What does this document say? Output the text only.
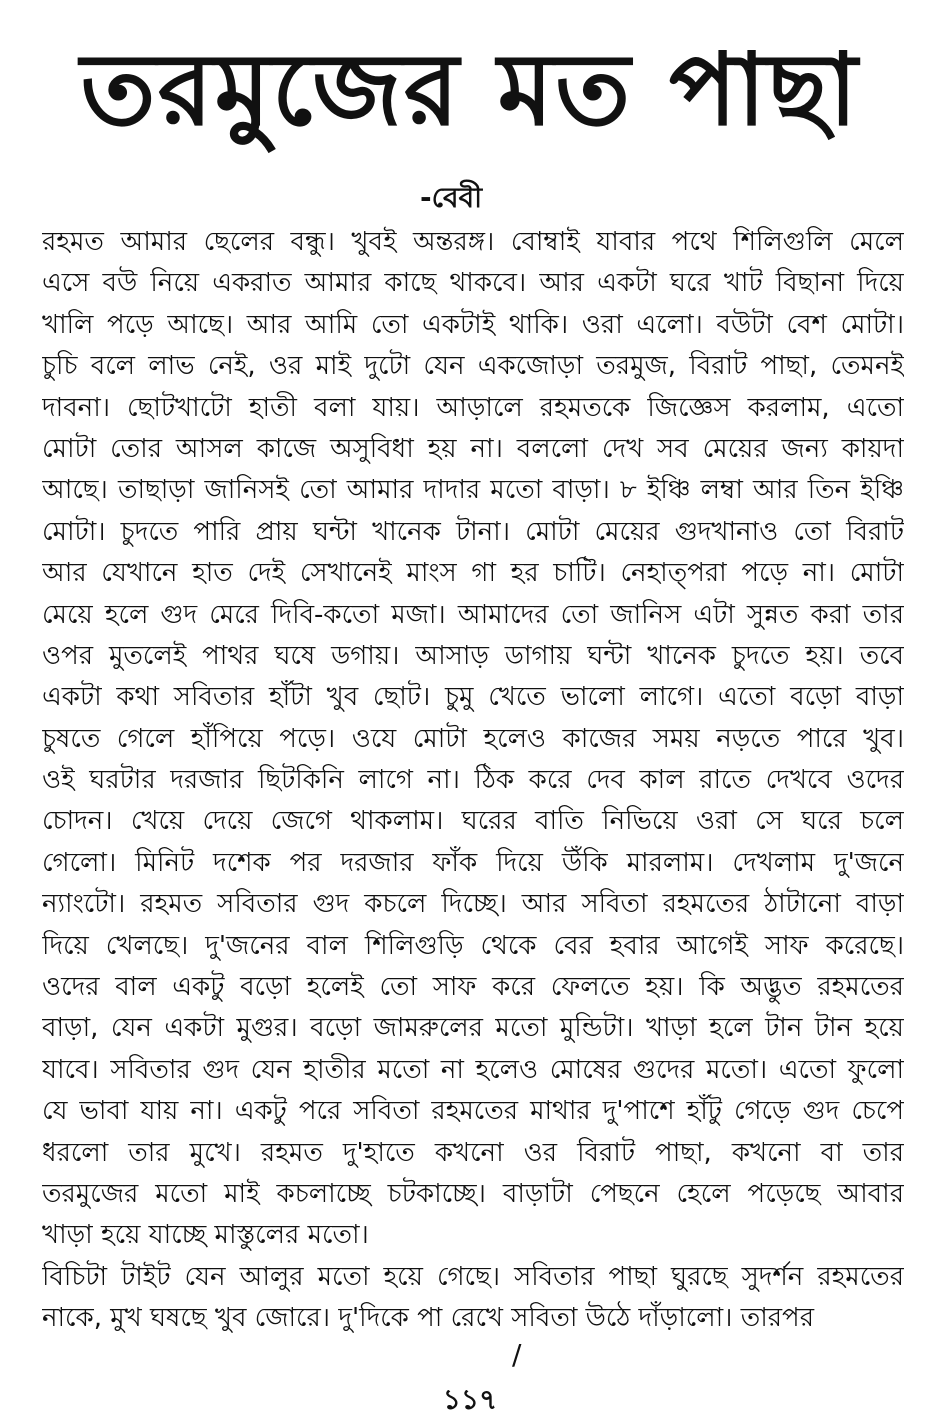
তরমুজের মত পাছা
-বেবী
রহমত আমার ছেলের বন্ধু। খুবই অন্তরঙ্গ। বোম্বাই যাবার পথে শিলিগুলি মেলে
এসে বউ নিয়ে একরাত আমার কাছে থাকবে। আর একটা ঘরে খাট বিছানা দিয়ে
খালি পড়ে আছে। আর আমি তো একটাই থাকি। ওরা এলো। বউটা বেশ মোটা।
চুচি বলে লাভ নেই, ওর মাই দুটো যেন একজোড়া তরমুজ, বিরাট পাছা, তেমনই
দাবনা। ছোটখাটো হাতী বলা যায়। আড়ালে রহমতকে জিজ্ঞেস করলাম, এতো
মোটা তোর আসল কাজে অসুবিধা হয় না। বললো দেখ সব মেয়ের জন্য কায়দা
আছে। তাছাড়া জানিসই তো আমার দাদার মতো বাড়া। ৮ ইঞ্চি লম্বা আর তিন ইঞ্চি
মোটা। চুদতে পারি প্রায় ঘন্টা খানেক টানা। মোটা মেয়ের গুদখানাও তো বিরাট
আর যেখানে হাত দেই সেখানেই মাংস গা হর চাটি। নেহাত্পরা পড়ে না। মোটা
মেয়ে হলে গুদ মেরে দিবি-কতো মজা। আমাদের তো জানিস এটা সুন্নত করা তার
ওপর মুতলেই পাথর ঘষে ডগায়। আসাড় ডাগায় ঘন্টা খানেক চুদতে হয়। তবে
একটা কথা সবিতার হাঁটা খুব ছোট। চুমু খেতে ভালো লাগে। এতো বড়ো বাড়া
চুষতে গেলে হাঁপিয়ে পড়ে। ওযে মোটা হলেও কাজের সময় নড়তে পারে খুব।
ওই ঘরটার দরজার ছিটকিনি লাগে না। ঠিক করে দেব কাল রাতে দেখবে ওদের
চোদন। খেয়ে দেয়ে জেগে থাকলাম। ঘরের বাতি নিভিয়ে ওরা সে ঘরে চলে
গেলো। মিনিট দশেক পর দরজার ফাঁক দিয়ে উঁকি মারলাম। দেখলাম দু'জনে
ন্যাংটো। রহমত সবিতার গুদ কচলে দিচ্ছে। আর সবিতা রহমতের ঠাটানো বাড়া
দিয়ে খেলছে। দু'জনের বাল শিলিগুড়ি থেকে বের হবার আগেই সাফ করেছে।
ওদের বাল একটু বড়ো হলেই তো সাফ করে ফেলতে হয়। কি অদ্ভুত রহমতের
বাড়া, যেন একটা মুগুর। বড়ো জামরুলের মতো মুন্ডিটা। খাড়া হলে টান টান হয়ে
যাবে। সবিতার গুদ যেন হাতীর মতো না হলেও মোষের গুদের মতো। এতো ফুলো
যে ভাবা যায় না। একটু পরে সবিতা রহমতের মাথার দু'পাশে হাঁটু গেড়ে গুদ চেপে
ধরলো তার মুখে। রহমত দু'হাতে কখনো ওর বিরাট পাছা, কখনো বা তার
তরমুজের মতো মাই কচলাচ্ছে চটকাচ্ছে। বাড়াটা পেছনে হেলে পড়েছে আবার
খাড়া হয়ে যাচ্ছে মাস্তুলের মতো।
বিচিটা টাইট যেন আলুর মতো হয়ে গেছে। সবিতার পাছা ঘুরছে সুদর্শন রহমতের
নাকে, মুখ ঘষছে খুব জোরে। দু'দিকে পা রেখে সবিতা উঠে দাঁড়ালো। তারপর
/
১১৭
